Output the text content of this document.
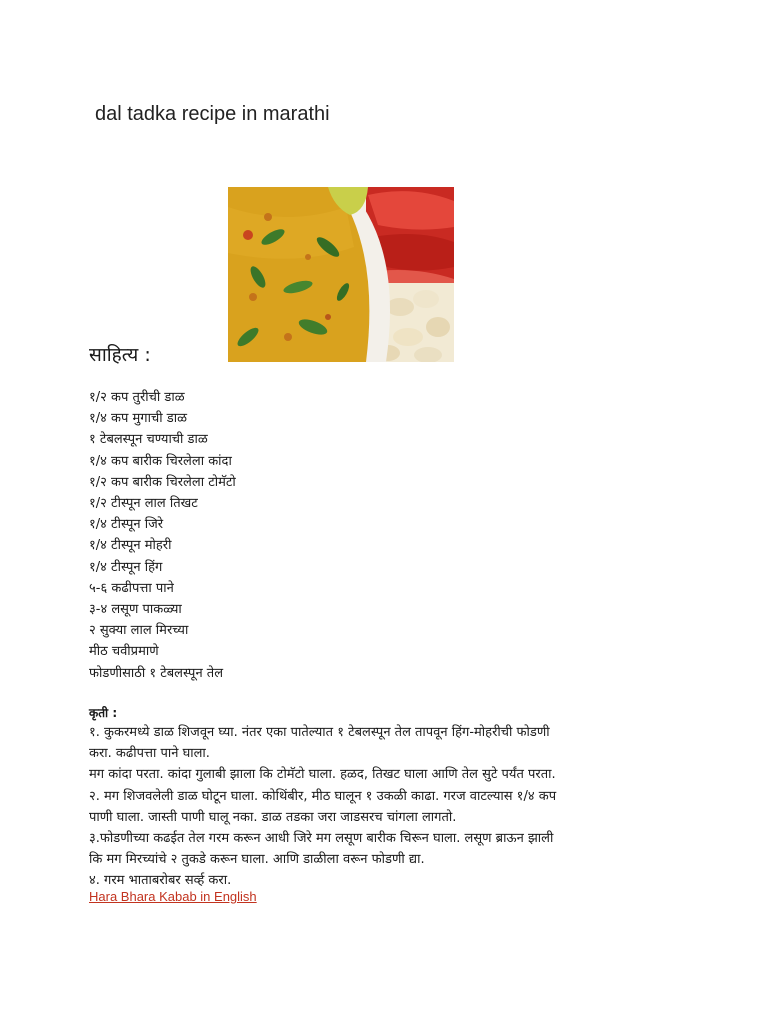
dal tadka recipe in marathi
साहित्य :
१/२ कप तुरीची डाळ
१/४ कप मुगाची डाळ
१ टेबलस्पून चण्याची डाळ
१/४ कप बारीक चिरलेला कांदा
१/२ कप बारीक चिरलेला टोमॅटो
१/२ टीस्पून लाल तिखट
१/४ टीस्पून जिरे
१/४ टीस्पून मोहरी
१/४ टीस्पून हिंग
५-६ कढीपत्ता पाने
३-४ लसूण पाकळ्या
२ सुक्या लाल मिरच्या
मीठ चवीप्रमाणे
फोडणीसाठी १ टेबलस्पून तेल
कृती :
१. कुकरमध्ये डाळ शिजवून घ्या. नंतर एका पातेल्यात १ टेबलस्पून तेल तापवून हिंग-मोहरीची फोडणी
करा. कढीपत्ता पाने घाला.
मग कांदा परता. कांदा गुलाबी झाला कि टोमॅटो घाला. हळद, तिखट घाला आणि तेल सुटे पर्यंत परता.
२. मग शिजवलेली डाळ घोटून घाला. कोथिंबीर, मीठ घालून १ उकळी काढा. गरज वाटल्यास १/४ कप
पाणी घाला. जास्ती पाणी घालू नका. डाळ तडका जरा जाडसरच चांगला लागतो.
३.फोडणीच्या कढईत तेल गरम करून आधी जिरे मग लसूण बारीक चिरून घाला. लसूण ब्राऊन झाली
कि मग मिरच्यांचे २ तुकडे करून घाला. आणि डाळीला वरून फोडणी द्या.
४. गरम भाताबरोबर सर्व्ह करा.
Hara Bhara Kabab in English
